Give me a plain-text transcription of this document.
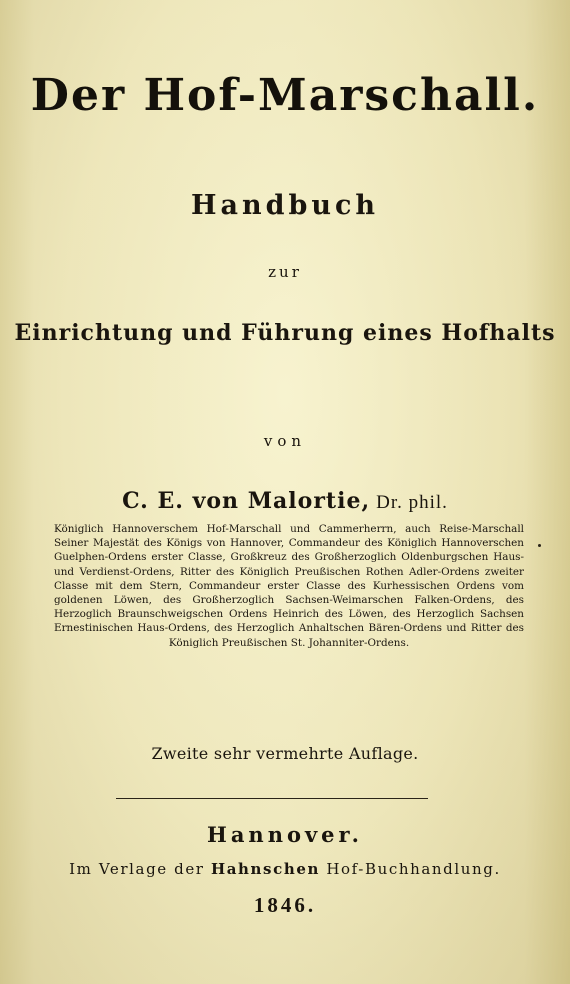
Der Hof-Marschall.
Handbuch
zur
Einrichtung und Führung eines Hofhalts
von
C. E. von Malortie, Dr. phil.
Königlich Hannoverschem Hof-Marschall und Cammerherrn, auch Reise-Marschall Seiner Majestät des Königs von Hannover, Commandeur des Königlich Hannoverschen Guelphen-Ordens erster Classe, Großkreuz des Großherzoglich Oldenburgschen Haus- und Verdienst-Ordens, Ritter des Königlich Preußischen Rothen Adler-Ordens zweiter Classe mit dem Stern, Commandeur erster Classe des Kurhessischen Ordens vom goldenen Löwen, des Großherzoglich Sachsen-Weimarschen Falken-Ordens, des Herzoglich Braunschweigschen Ordens Heinrich des Löwen, des Herzoglich Sachsen Ernestinischen Haus-Ordens, des Herzoglich Anhaltschen Bären-Ordens und Ritter des Königlich Preußischen St. Johanniter-Ordens.
Zweite sehr vermehrte Auflage.
Hannover.
Im Verlage der Hahnschen Hof-Buchhandlung.
1846.
